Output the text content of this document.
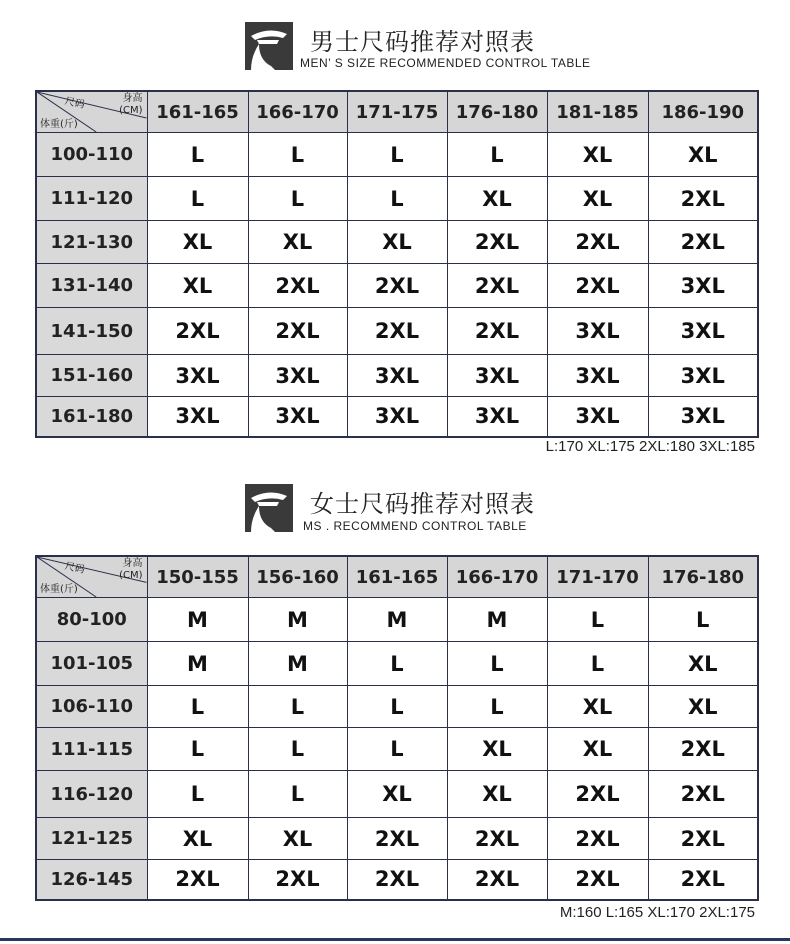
男士尺码推荐对照表
MEN’ S SIZE RECOMMENDED CONTROL TABLE
尺码 身高
(CM)
体重(斤)	161-165	166-170	171-175	176-180	181-185	186-190
100-110	L	L	L	L	XL	XL
111-120	L	L	L	XL	XL	2XL
121-130	XL	XL	XL	2XL	2XL	2XL
131-140	XL	2XL	2XL	2XL	2XL	3XL
141-150	2XL	2XL	2XL	2XL	3XL	3XL
151-160	3XL	3XL	3XL	3XL	3XL	3XL
161-180	3XL	3XL	3XL	3XL	3XL	3XL
L:170 XL:175 2XL:180 3XL:185
女士尺码推荐对照表
MS . RECOMMEND CONTROL TABLE
尺码 身高
(CM)
体重(斤)	150-155	156-160	161-165	166-170	171-170	176-180
80-100	M	M	M	M	L	L
101-105	M	M	L	L	L	XL
106-110	L	L	L	L	XL	XL
111-115	L	L	L	XL	XL	2XL
116-120	L	L	XL	XL	2XL	2XL
121-125	XL	XL	2XL	2XL	2XL	2XL
126-145	2XL	2XL	2XL	2XL	2XL	2XL
M:160 L:165 XL:170 2XL:175
